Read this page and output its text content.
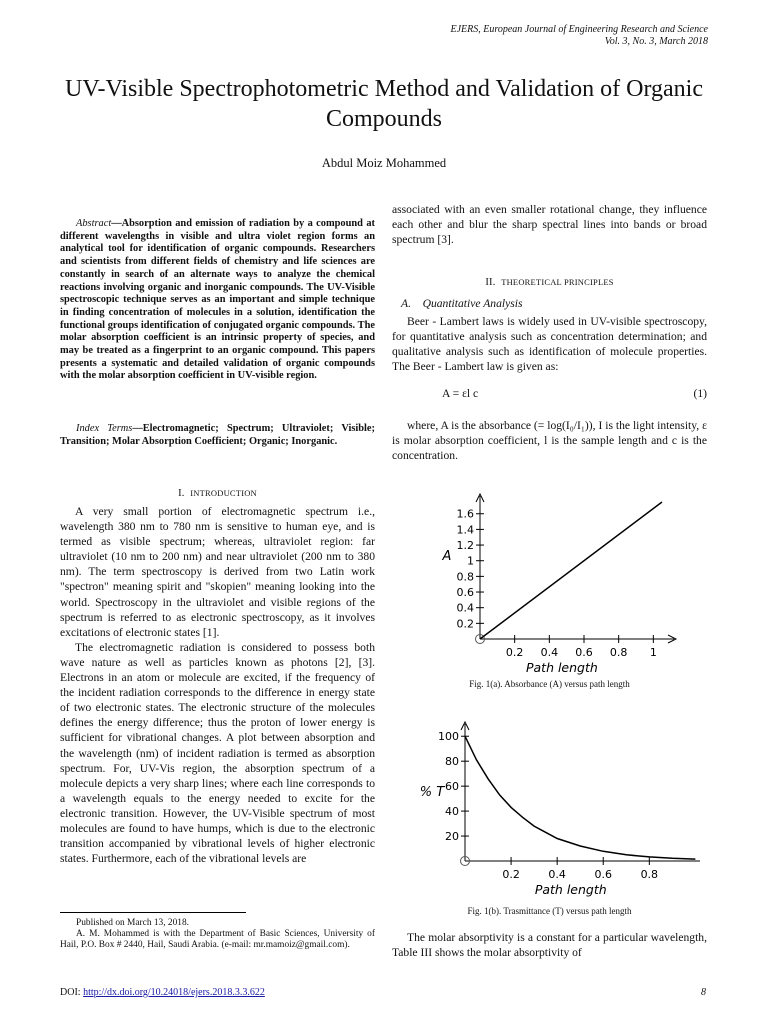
EJERS, European Journal of Engineering Research and Science
Vol. 3, No. 3, March 2018
UV-Visible Spectrophotometric Method and Validation of Organic Compounds
Abdul Moiz Mohammed
Abstract—Absorption and emission of radiation by a compound at different wavelengths in visible and ultra violet region forms an analytical tool for identification of organic compounds. Researchers and scientists from different fields of chemistry and life sciences are constantly in search of an alternate ways to analyze the chemical reactions involving organic and inorganic compounds. The UV-Visible spectroscopic technique serves as an important and simple technique in finding concentration of molecules in a solution, identification the functional groups identification of conjugated organic compounds. The molar absorption coefficient is an intrinsic property of species, and may be treated as a fingerprint to an organic compound. This papers presents a systematic and detailed validation of organic compounds with the molar absorption coefficient in UV-visible region.
Index Terms—Electromagnetic; Spectrum; Ultraviolet; Visible; Transition; Molar Absorption Coefficient; Organic; Inorganic.
I. INTRODUCTION

A very small portion of electromagnetic spectrum i.e., wavelength 380 nm to 780 nm is sensitive to human eye, and is termed as visible spectrum; whereas, ultraviolet region: far ultraviolet (10 nm to 200 nm) and near ultraviolet (200 nm to 380 nm). The term spectroscopy is derived from two Latin work "spectron" meaning spirit and "skopien" meaning looking into the world. Spectroscopy in the ultraviolet and visible regions of the spectrum is referred to as electronic spectroscopy, as it involves excitations of electronic states [1].

The electromagnetic radiation is considered to possess both wave nature as well as particles known as photons [2], [3]. Electrons in an atom or molecule are excited, if the frequency of the incident radiation corresponds to the difference in energy state of two electronic states. The electronic structure of the molecules defines the energy difference; thus the proton of lower energy is sufficient for vibrational changes. A plot between absorption and the wavelength (nm) of incident radiation is termed as absorption spectrum. For, UV-Vis region, the absorption spectrum of a molecule depicts a very sharp lines; where each line corresponds to a wavelength equals to the energy needed to excite for the electronic transition. However, the UV-Visible spectrum of most molecules are found to have humps, which is due to the electronic transition accompanied by vibrational levels of higher electronic states. Furthermore, each of the vibrational levels are

Published on March 13, 2018.

A. M. Mohammed is with the Department of Basic Sciences, University of Hail, P.O. Box # 2440, Hail, Saudi Arabia. (e-mail: mr.mamoiz@gmail.com).

associated with an even smaller rotational change, they influence each other and blur the sharp spectral lines into bands or broad spectrum [3].

II. THEORETICAL PRINCIPLES
A. Quantitative Analysis

Beer - Lambert laws is widely used in UV-visible spectroscopy, for quantitative analysis such as concentration determination; and qualitative analysis such as identification of molecule properties. The Beer - Lambert law is given as:

A = εl c	(1)

where, A is the absorbance (= log(I₀/I₁)), I is the light intensity, ε is molar absorption coefficient, l is the sample length and c is the concentration.

0.2
0.4
0.6
0.8
1
1.2
1.4
1.6
0.2 0.4 0.6 0.8 1
A
Path length
Fig. 1(a). Absorbance (A) versus path length
20
40
60
80
100
0.2	0.4	0.6	0.8
% T
Path length
Fig. 1(b). Trasmittance (T) versus path length

The molar absorptivity is a constant for a particular wavelength, Table III shows the molar absorptivity of

DOI: http://dx.doi.org/10.24018/ejers.2018.3.3.622	8
